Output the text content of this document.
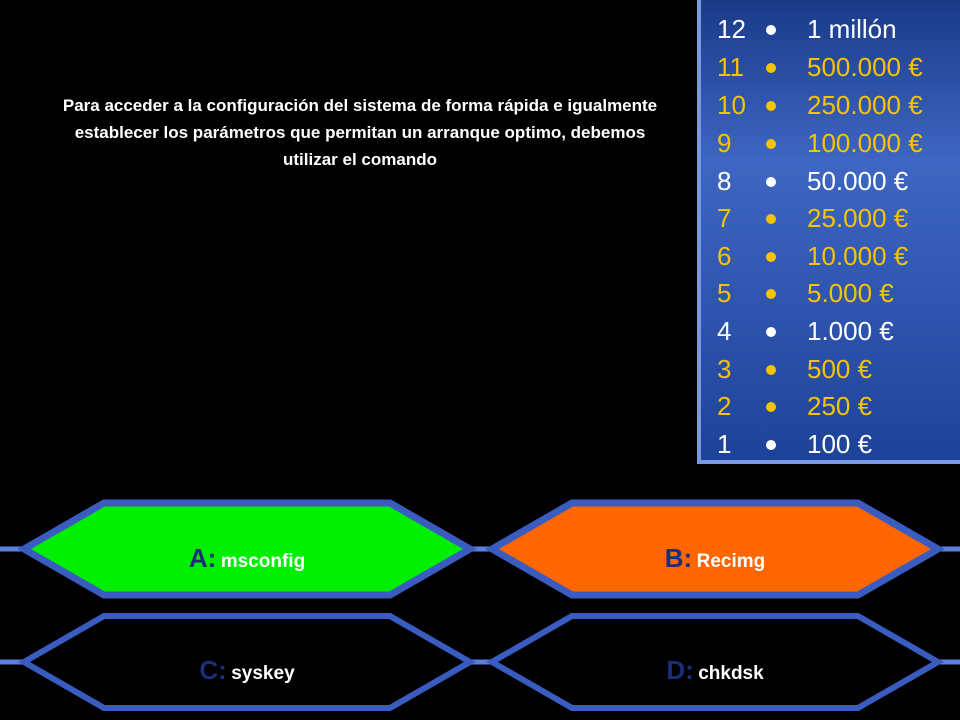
Para acceder a la configuración del sistema de forma rápida e igualmente establecer los parámetros que permitan un arranque optimo, debemos utilizar el comando

12	1 millón
11	500.000 €
10	250.000 €
9	100.000 €
8	50.000 €
7	25.000 €
6	10.000 €
5	5.000 €
4	1.000 €
3	500 €
2	250 €
1	100 €
A: msconfig	B: Recimg
C: syskey	D: chkdsk
